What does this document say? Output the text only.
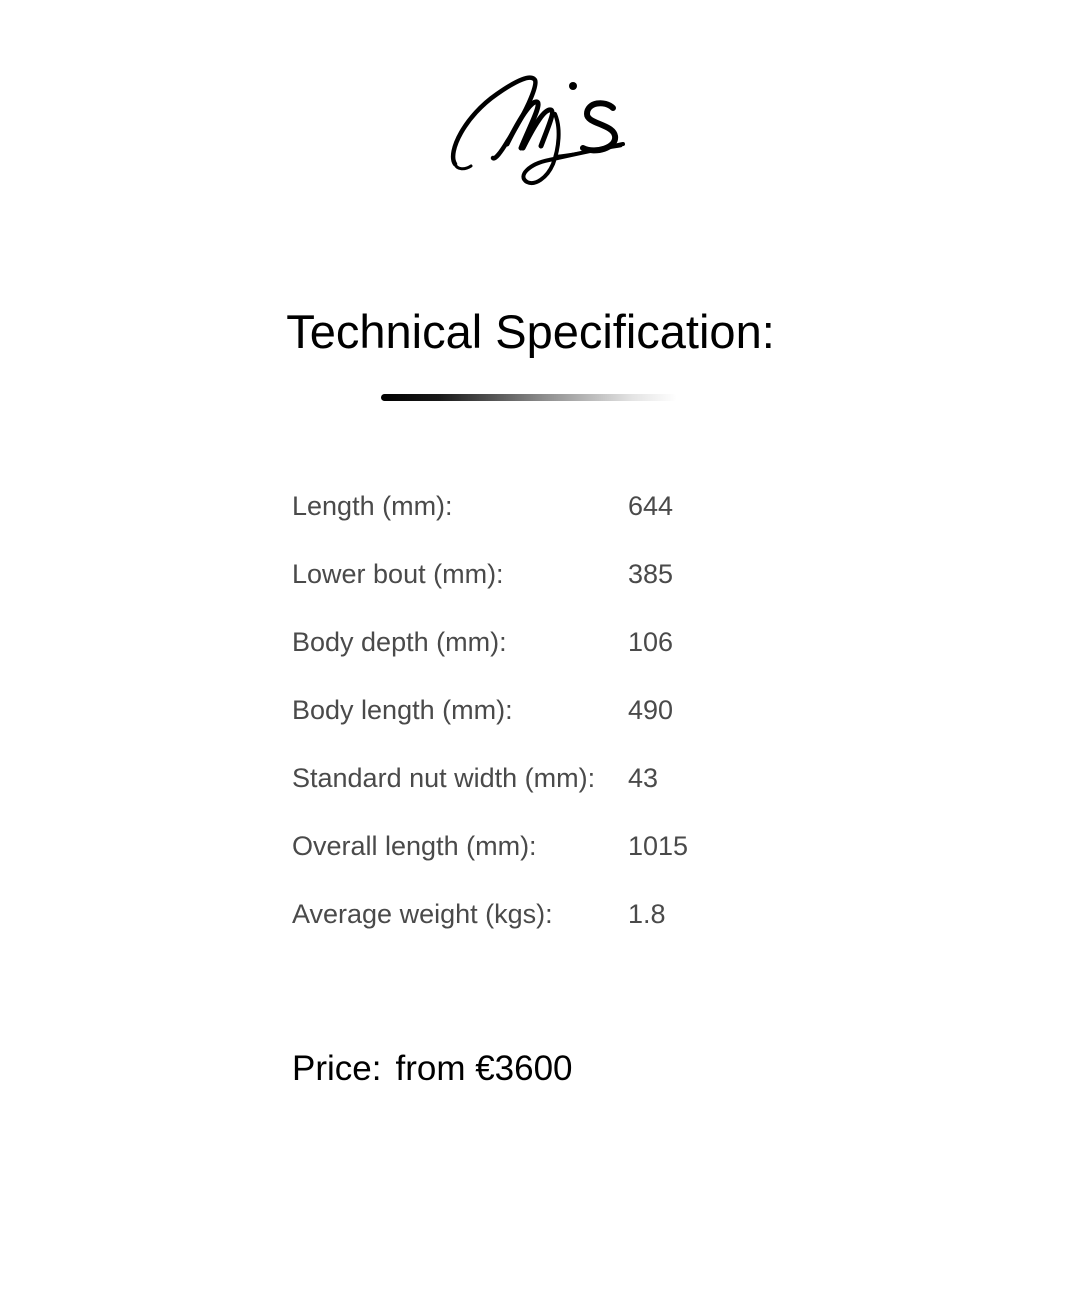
Technical Specification:
Length (mm):	644
Lower bout (mm):	385
Body depth (mm):	106
Body length (mm):	490
Standard nut width (mm):	43
Overall length (mm):	1015
Average weight (kgs):	1.8
Price: from €3600
